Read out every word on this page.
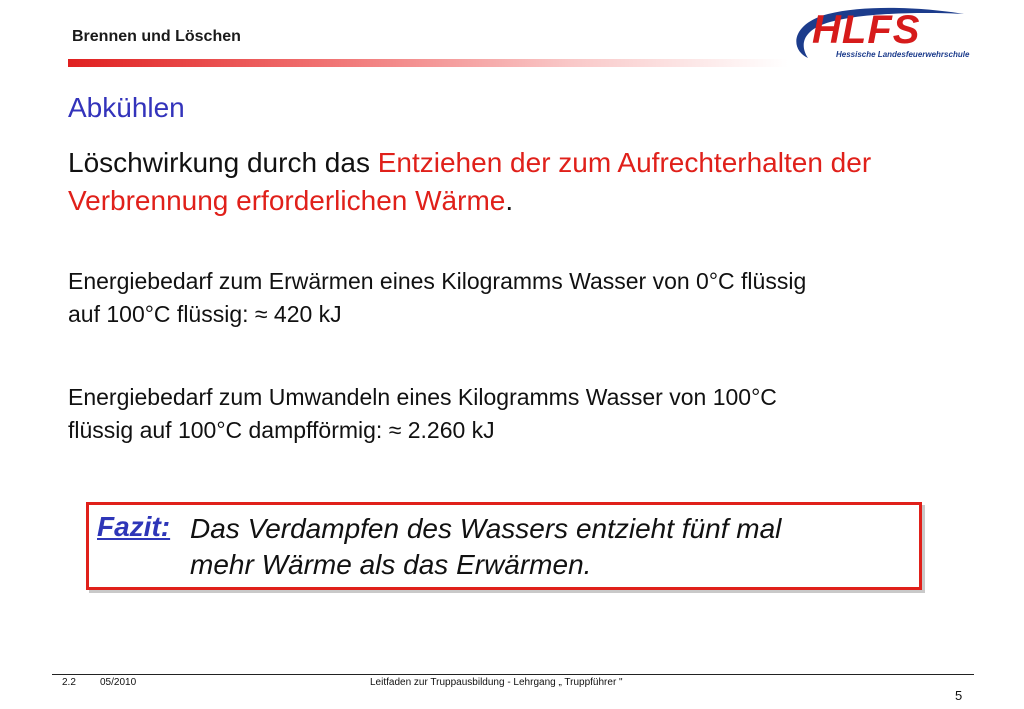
Brennen und Löschen	HLFS
Hessische Landesfeuerwehrschule
Abkühlen
Löschwirkung durch das Entziehen der zum Aufrechterhalten der Verbrennung erforderlichen Wärme.
Energiebedarf zum Erwärmen eines Kilogramms Wasser von 0°C flüssig
auf 100°C flüssig: ≈ 420 kJ
Energiebedarf zum Umwandeln eines Kilogramms Wasser von 100°C
flüssig auf 100°C dampfförmig: ≈ 2.260 kJ
Fazit: Das Verdampfen des Wassers entzieht fünf mal
mehr Wärme als das Erwärmen.
2.2 05/2010	Leitfaden zur Truppausbildung - Lehrgang „ Truppführer "
5
